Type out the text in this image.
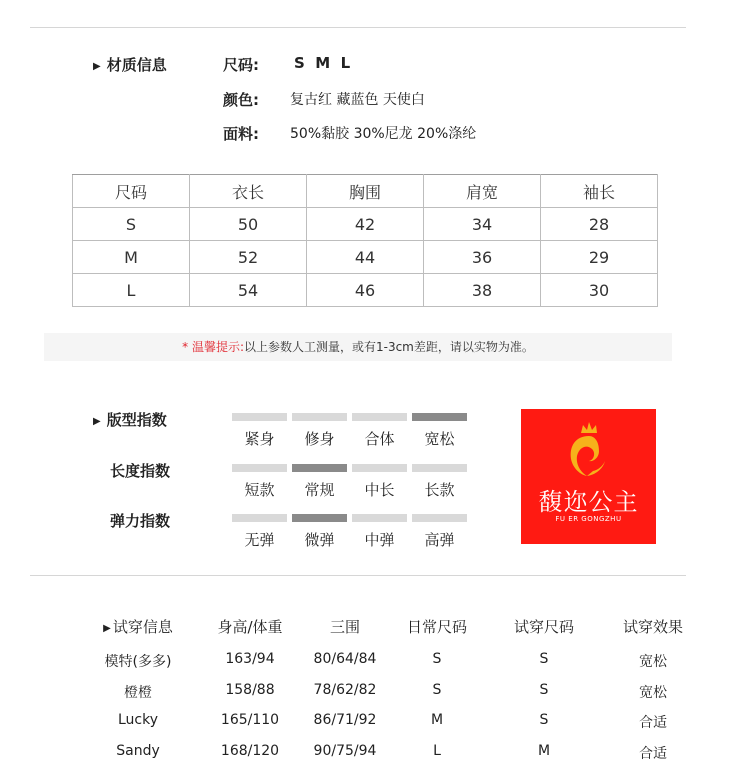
▶ 材质信息	尺码: S  M  L
颜色: 复古红 藏蓝色 天使白
面料: 50%黏胶 30%尼龙 20%涤纶
尺码	衣长	胸围	肩宽	袖长
S	50	42	34	28
M	52	44	36	29
L	54	46	38	30
* 温馨提示:以上参数人工测量，或有1-3cm差距，请以实物为准。
▶ 版型指数
长度指数
弹力指数
紧身	修身	合体	宽松
短款	常规	中长	长款
无弹	微弹	中弹	高弹
馥迩公主
FU ER GONGZHU
▶ 试穿信息	身高/体重	三围	日常尺码	试穿尺码	试穿效果
模特(多多)	163/94	80/64/84	S	S	宽松
橙橙	158/88	78/62/82	S	S	宽松
Lucky	165/110	86/71/92	M	S	合适
Sandy	168/120	90/75/94	L	M	合适
